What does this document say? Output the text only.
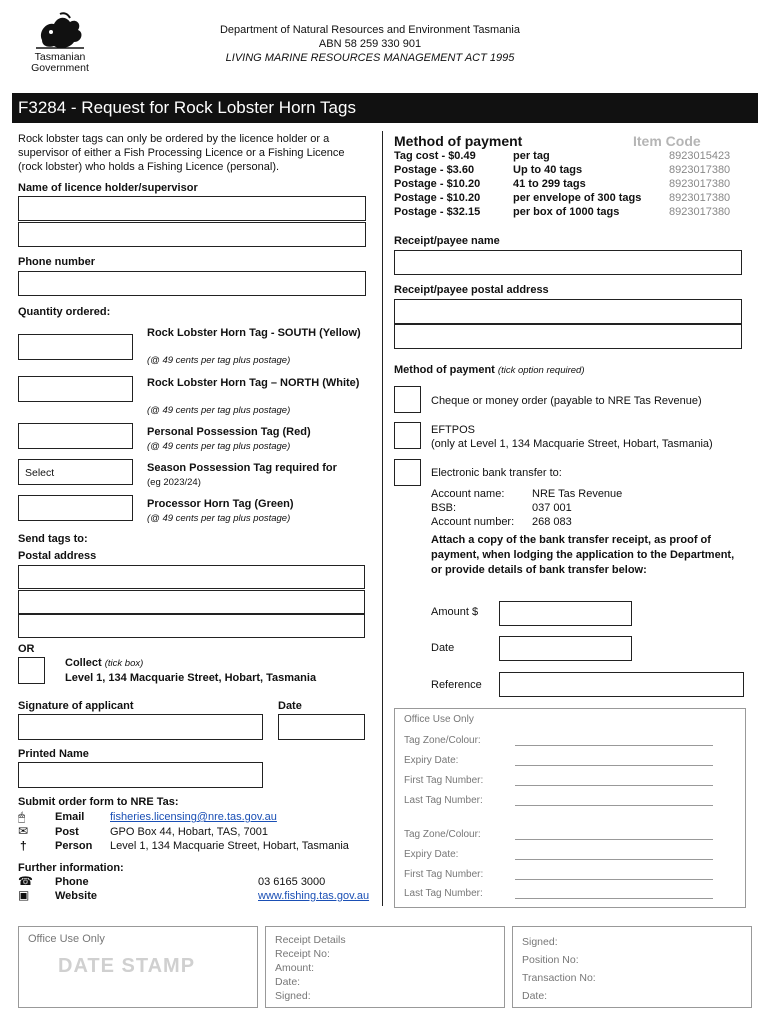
Tasmanian
Government
Department of Natural Resources and Environment Tasmania
ABN 58 259 330 901
LIVING MARINE RESOURCES MANAGEMENT ACT 1995
F3284 - Request for Rock Lobster Horn Tags
Rock lobster tags can only be ordered by the licence holder or a supervisor of either a Fish Processing Licence or a Fishing Licence (rock lobster) who holds a Fishing Licence (personal).
Name of licence holder/supervisor
Phone number
Quantity ordered:
Rock Lobster Horn Tag - SOUTH (Yellow)
(@ 49 cents per tag plus postage)
Rock Lobster Horn Tag – NORTH (White)
(@ 49 cents per tag plus postage)
Personal Possession Tag (Red)
(@ 49 cents per tag plus postage)
Select	Season Possession Tag required for
(eg 2023/24)
Processor Horn Tag (Green)
(@ 49 cents per tag plus postage)
Send tags to:
Postal address
OR
Collect (tick box)
Level 1, 134 Macquarie Street, Hobart, Tasmania
Signature of applicant	Date
Printed Name
Submit order form to NRE Tas:
🖱	Email fisheries.licensing@nre.tas.gov.au
✉ Post	GPO Box 44, Hobart, TAS, 7001
†	Person Level 1, 134 Macquarie Street, Hobart, Tasmania
Further information:
☎ Phone	03 6165 3000
▣ Website	www.fishing.tas.gov.au
Method of payment	Item Code
Tag cost - $0.49	per tag	8923015423
Postage - $3.60	Up to 40 tags	8923017380
Postage - $10.20	41 to 299 tags	8923017380
Postage - $10.20	per envelope of 300 tags	8923017380
Postage - $32.15	per box of 1000 tags	8923017380
Receipt/payee name
Receipt/payee postal address
Method of payment (tick option required)
Cheque or money order (payable to NRE Tas Revenue)
EFTPOS
(only at Level 1, 134 Macquarie Street, Hobart, Tasmania)
Electronic bank transfer to:
Account name:	NRE Tas Revenue
BSB:	037 001
Account number: 268 083
Attach a copy of the bank transfer receipt, as proof of payment, when lodging the application to the Department, or provide details of bank transfer below:
Amount $
Date
Reference
Office Use Only
Tag Zone/Colour:
Expiry Date:
First Tag Number:
Last Tag Number:
Tag Zone/Colour:
Expiry Date:
First Tag Number:
Last Tag Number:
Office Use Only
DATE STAMP
Receipt Details
Receipt No:
Amount:
Date:
Signed:
Signed:
Position No:
Transaction No:
Date:
